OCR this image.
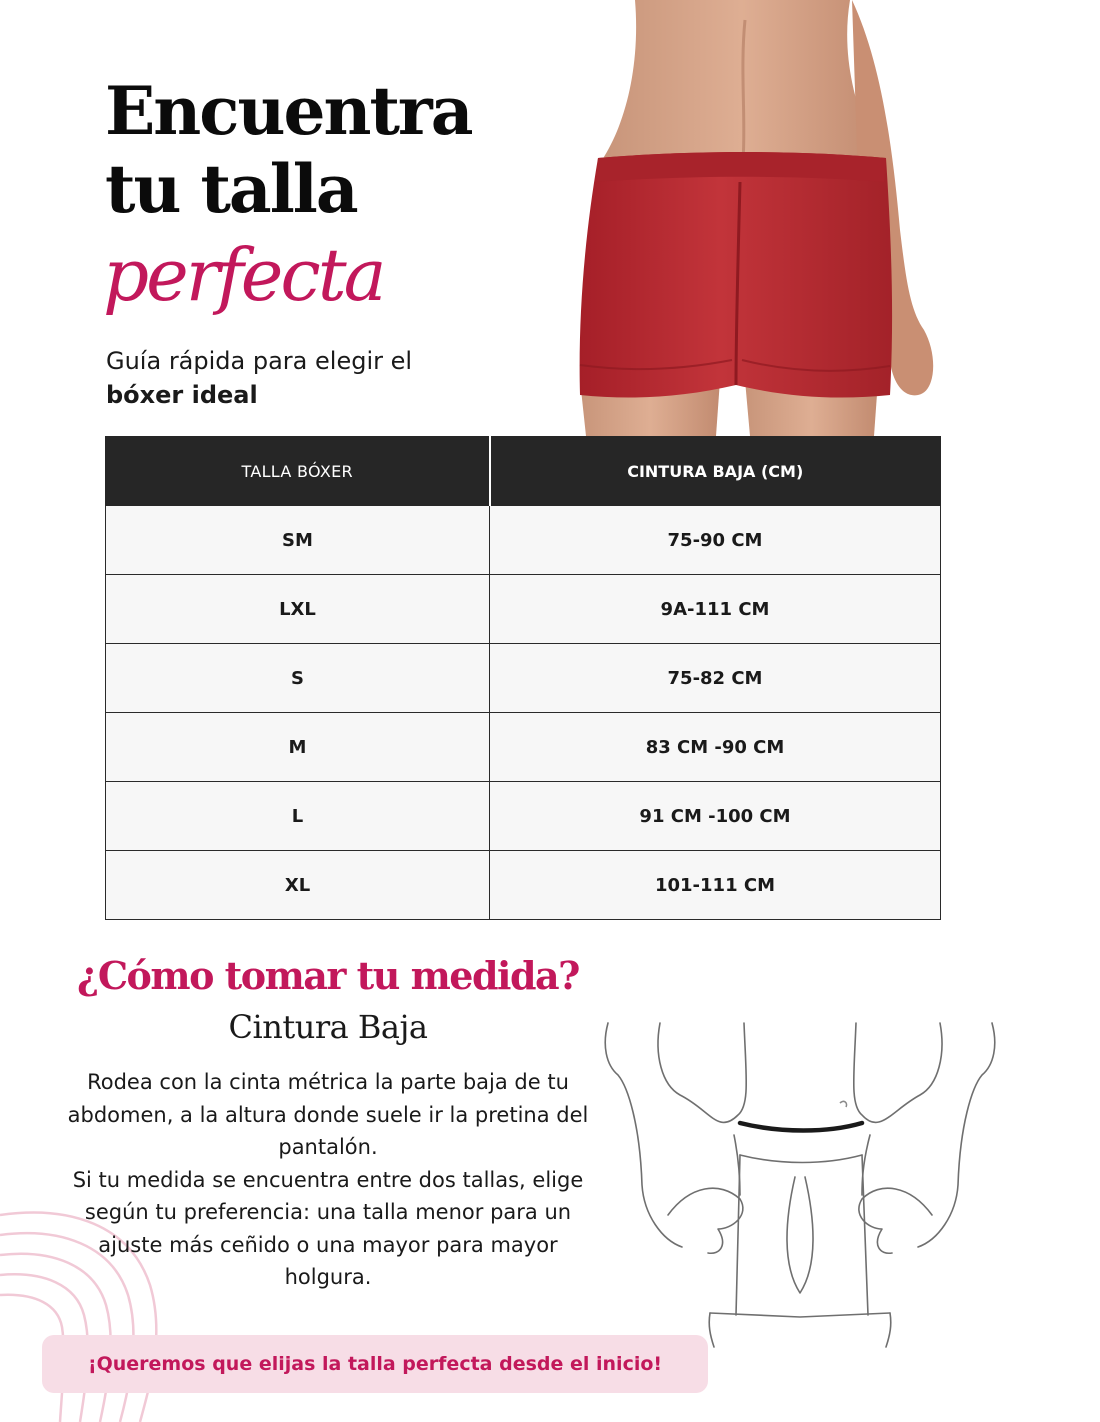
Encuentra
tu talla
perfecta

Guía rápida para elegir el
bóxer ideal

TALLA BÓXER	CINTURA BAJA (CM)
SM	75-90 CM
LXL	9A-111 CM
S	75-82 CM
M	83 CM -90 CM
L	91 CM -100 CM
XL	101-111 CM
¿Cómo tomar tu medida?
Cintura Baja

Rodea con la cinta métrica la parte baja de tu abdomen, a la altura donde suele ir la pretina del pantalón.

Si tu medida se encuentra entre dos tallas, elige según tu preferencia: una talla menor para un ajuste más ceñido o una mayor para mayor holgura.

¡Queremos que elijas la talla perfecta desde el inicio!
